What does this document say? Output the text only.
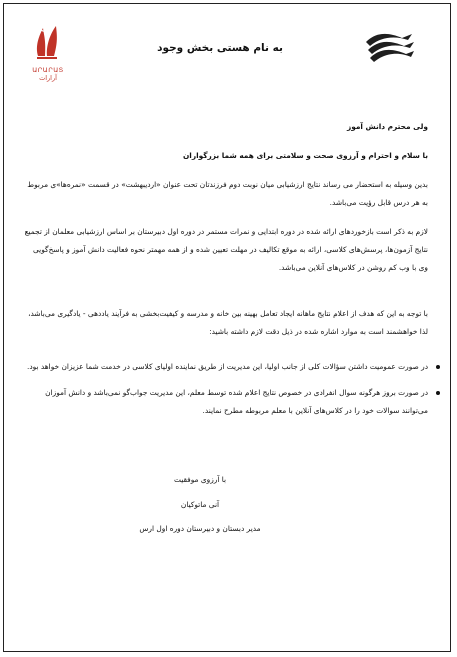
ԱՐԱՐԱՏ
آرارات
به نام هستی بخش وجود
ولی محترم دانش آموز
با سلام و احترام و آرزوی صحت و سلامتی برای همه شما بزرگواران
بدین وسیله به استحضار می رساند نتایج ارزشیابی میان نوبت دوم فرزندتان تحت عنوان «اردیبهشت» در قسمت «نمره‌ها»ی مربوط به هر درس قابل رؤیت می‌باشد.
لازم به ذکر است بازخوردهای ارائه شده در دوره ابتدایی و نمرات مستمر در دوره اول دبیرستان بر اساس ارزشیابی معلمان از تجمیع نتایج آزمون‌ها، پرسش‌های کلاسی، ارائه به موقع تکالیف در مهلت تعیین شده و از همه مهمتر نحوه فعالیت دانش آموز و پاسخ‌گویی وی با وب کم روشن در کلاس‌های آنلاین می‌باشد.
با توجه به این که هدف از اعلام نتایج ماهانه ایجاد تعامل بهینه بین خانه و مدرسه و کیفیت‌بخشی به فرآیند یاددهی - یادگیری می‌باشد، لذا خواهشمند است به موارد اشاره شده در ذیل دقت لازم داشته باشید:
در صورت عمومیت داشتن سؤالات کلی از جانب اولیا، این مدیریت از طریق نماینده اولیای کلاسی در خدمت شما عزیزان خواهد بود.
در صورت بروز هرگونه سوال انفرادی در خصوص نتایج اعلام شده توسط معلم، این مدیریت جواب‌گو نمی‌باشد و دانش آموزان می‌توانند سوالات خود را در کلاس‌های آنلاین با معلم مربوطه مطرح نمایند.
با آرزوی موفقیت
آنی ماتوکیان
مدیر دبستان و دبیرستان دوره اول ارس
